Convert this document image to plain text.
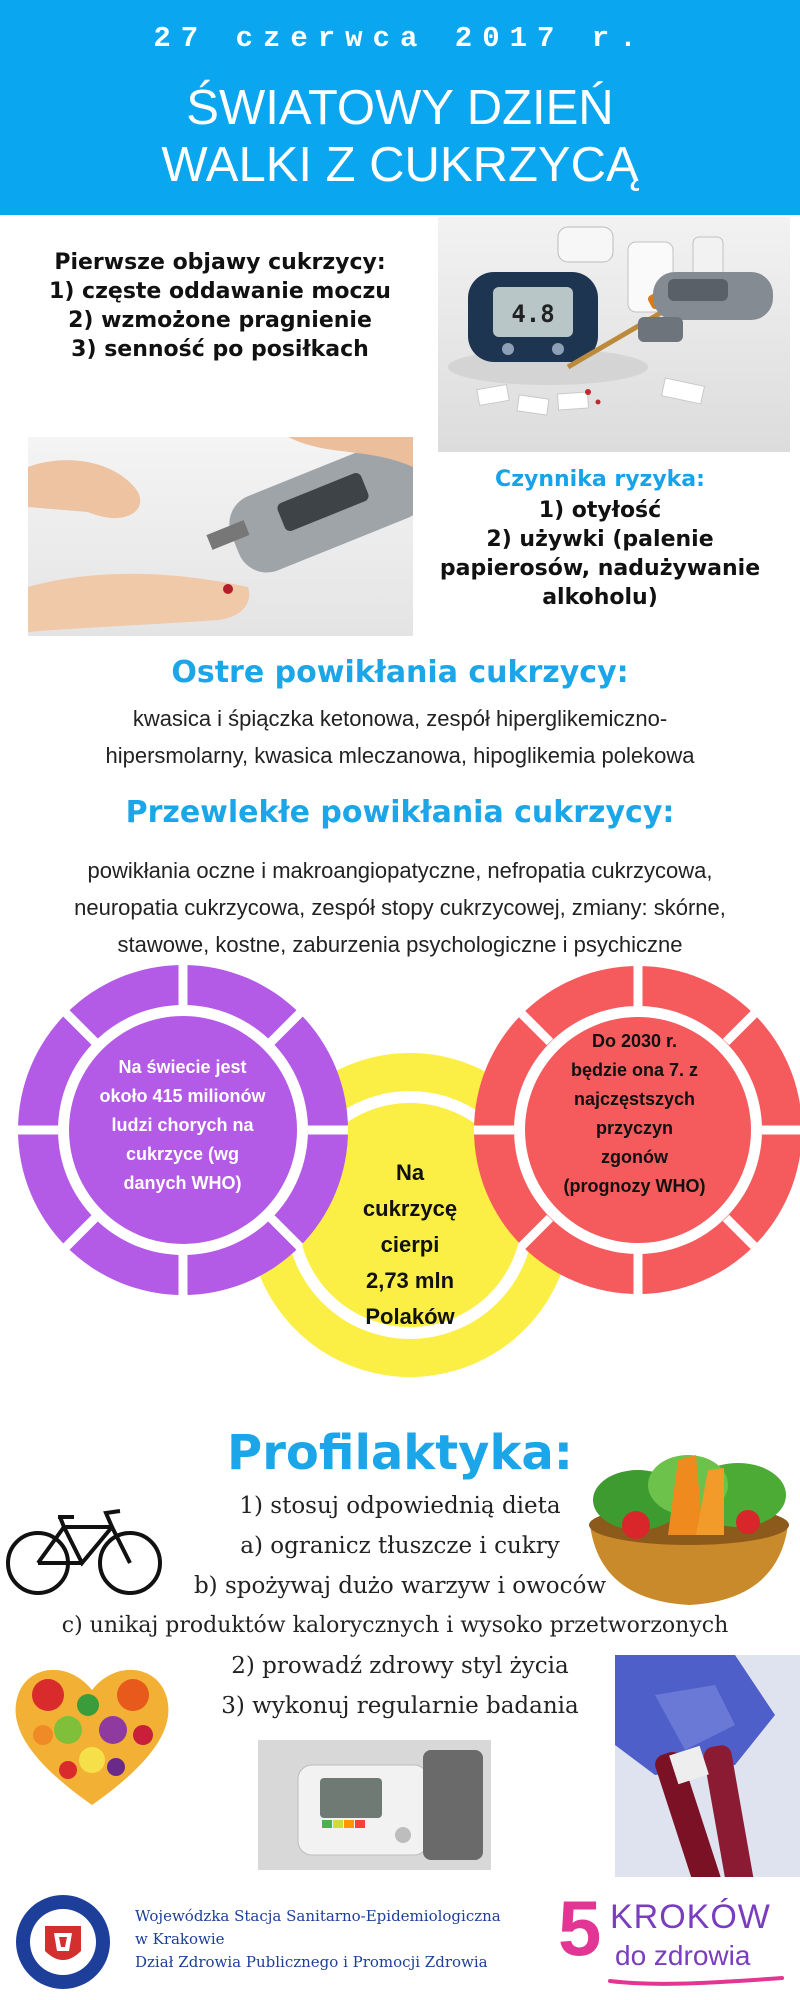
27 czerwca 2017 r.
ŚWIATOWY DZIEŃ
WALKI Z CUKRZYCĄ
Pierwsze objawy cukrzycy:
1) częste oddawanie moczu
2) wzmożone pragnienie
3) senność po posiłkach
4.8
Czynnika ryzyka:
1) otyłość
2) używki (palenie
papierosów, nadużywanie
alkoholu)
Ostre powikłania cukrzycy:
kwasica i śpiączka ketonowa, zespół hiperglikemiczno-
hipersmolarny, kwasica mleczanowa, hipoglikemia polekowa
Przewlekłe powikłania cukrzycy:
powikłania oczne i makroangiopatyczne, nefropatia cukrzycowa,
neuropatia cukrzycowa, zespół stopy cukrzycowej, zmiany: skórne,
stawowe, kostne, zaburzenia psychologiczne i psychiczne
Na świecie jest
około 415 milionów
ludzi chorych na
cukrzyce (wg
danych WHO)	Na
cukrzycę
cierpi
2,73 mln
Polaków
Do 2030 r.
będzie ona 7. z
najczęstszych
przyczyn
zgonów
(prognozy WHO)
Profilaktyka:
1) stosuj odpowiednią dieta
a) ogranicz tłuszcze i cukry
b) spożywaj dużo warzyw i owoców
c) unikaj produktów kalorycznych i wysoko przetworzonych
2) prowadź zdrowy styl życia
3) wykonuj regularnie badania
Wojewódzka Stacja Sanitarno-Epidemiologiczna
w Krakowie
Dział Zdrowia Publicznego i Promocji Zdrowia 5 KROKÓW
do zdrowia
